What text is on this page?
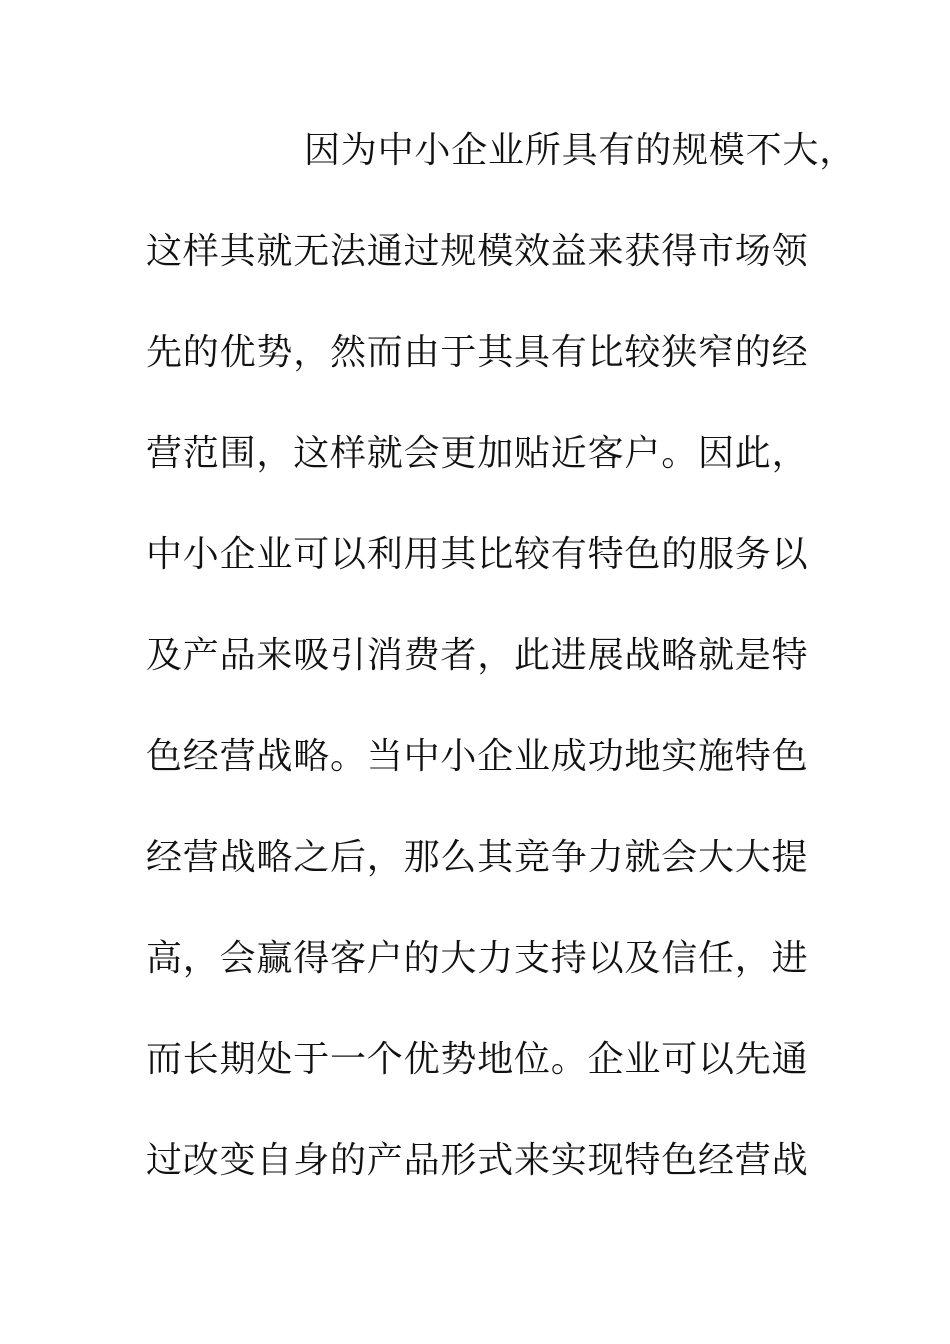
因为中小企业所具有的规模不大，
这样其就无法通过规模效益来获得市场领
先的优势，然而由于其具有比较狭窄的经
营范围，这样就会更加贴近客户。因此，
中小企业可以利用其比较有特色的服务以
及产品来吸引消费者，此进展战略就是特
色经营战略。当中小企业成功地实施特色
经营战略之后，那么其竞争力就会大大提
高，会赢得客户的大力支持以及信任，进
而长期处于一个优势地位。企业可以先通
过改变自身的产品形式来实现特色经营战
